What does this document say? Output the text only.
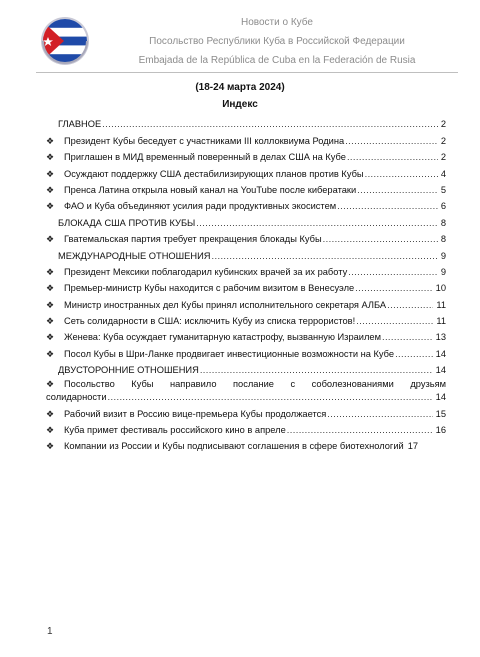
Новости о Кубе
Посольство Республики Куба в Российской Федерации
Embajada de la República de Cuba en la Federación de Rusia
(18-24 марта 2024)
Индекс
ГЛАВНОЕ .....	2
❖	Президент Кубы беседует с участниками III коллоквиума Родина .....	2
❖	Приглашен в МИД временный поверенный в делах США на Кубе .....	2
❖	Осуждают поддержку США дестабилизирующих планов против Кубы .....	4
❖	Пренса Латина открыла новый канал на YouTube после кибератаки .....	5
❖	ФАО и Куба объединяют усилия ради продуктивных экосистем .....	6
БЛОКАДА США ПРОТИВ КУБЫ .....	8
❖	Гватемальская партия требует прекращения блокады Кубы .....	8
МЕЖДУНАРОДНЫЕ ОТНОШЕНИЯ .....	9
❖	Президент Мексики поблагодарил кубинских врачей за их работу .....	9
❖	Премьер-министр Кубы находится с рабочим визитом в Венесуэле .....	10
❖	Министр иностранных дел Кубы принял исполнительного секретаря АЛБА .....	11
❖	Сеть солидарности в США: исключить Кубу из списка террористов! .....	11
❖	Женева: Куба осуждает гуманитарную катастрофу, вызванную Израилем .....	13
❖	Посол Кубы в Шри-Ланке продвигает инвестиционные возможности на Кубе .....	14
ДВУСТОРОННИЕ ОТНОШЕНИЯ .....	14
❖	Посольство Кубы направило послание с соболезнованиями друзьям
солидарности .....	14
❖	Рабочий визит в Россию вице-премьера Кубы продолжается .....	15
❖	Куба примет фестиваль российского кино в апреле .....	16
❖	Компании из России и Кубы подписывают соглашения в сфере биотехнологий 17
1
